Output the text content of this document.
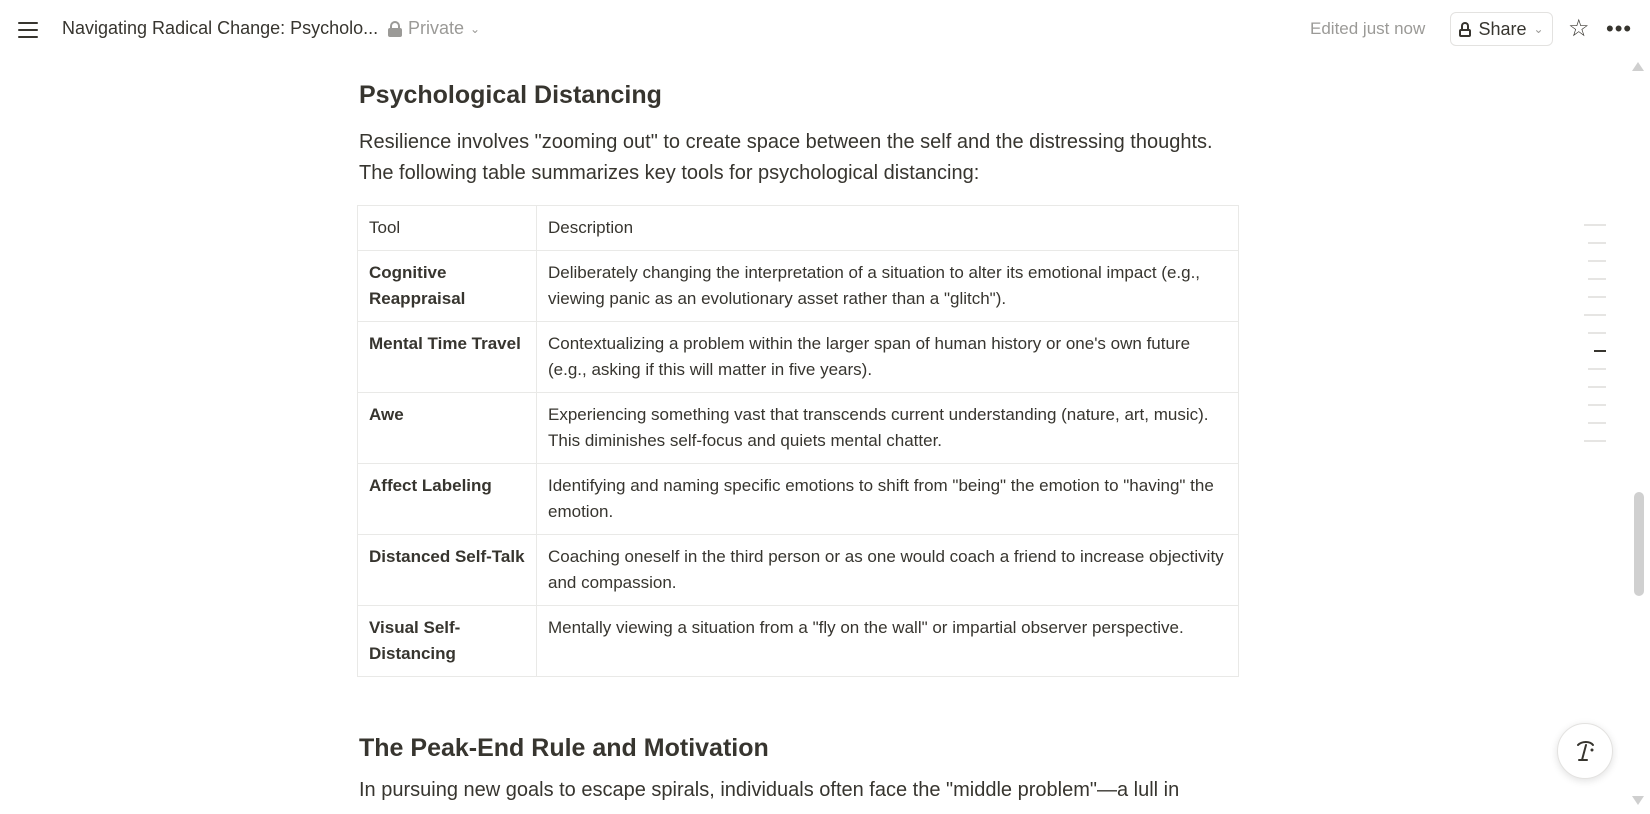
Navigating Radical Change: Psycholo... Private ⌄	Edited just now	Share ⌄ ☆ •••
Psychological Distancing

Resilience involves "zooming out" to create space between the self and the distressing thoughts.

The following table summarizes key tools for psychological distancing:

Tool	Description
Cognitive Reappraisal	Deliberately changing the interpretation of a situation to alter its emotional impact (e.g., viewing panic as an evolutionary asset rather than a "glitch").
Mental Time Travel	Contextualizing a problem within the larger span of human history or one's own future (e.g., asking if this will matter in five years).
Awe	Experiencing something vast that transcends current understanding (nature, art, music). This diminishes self-focus and quiets mental chatter.
Affect Labeling	Identifying and naming specific emotions to shift from "being" the emotion to "having" the emotion.
Distanced Self-Talk	Coaching oneself in the third person or as one would coach a friend to increase objectivity and compassion.
Visual Self-Distancing	Mentally viewing a situation from a "fly on the wall" or impartial observer perspective.
The Peak-End Rule and Motivation

In pursuing new goals to escape spirals, individuals often face the "middle problem"—a lull in
